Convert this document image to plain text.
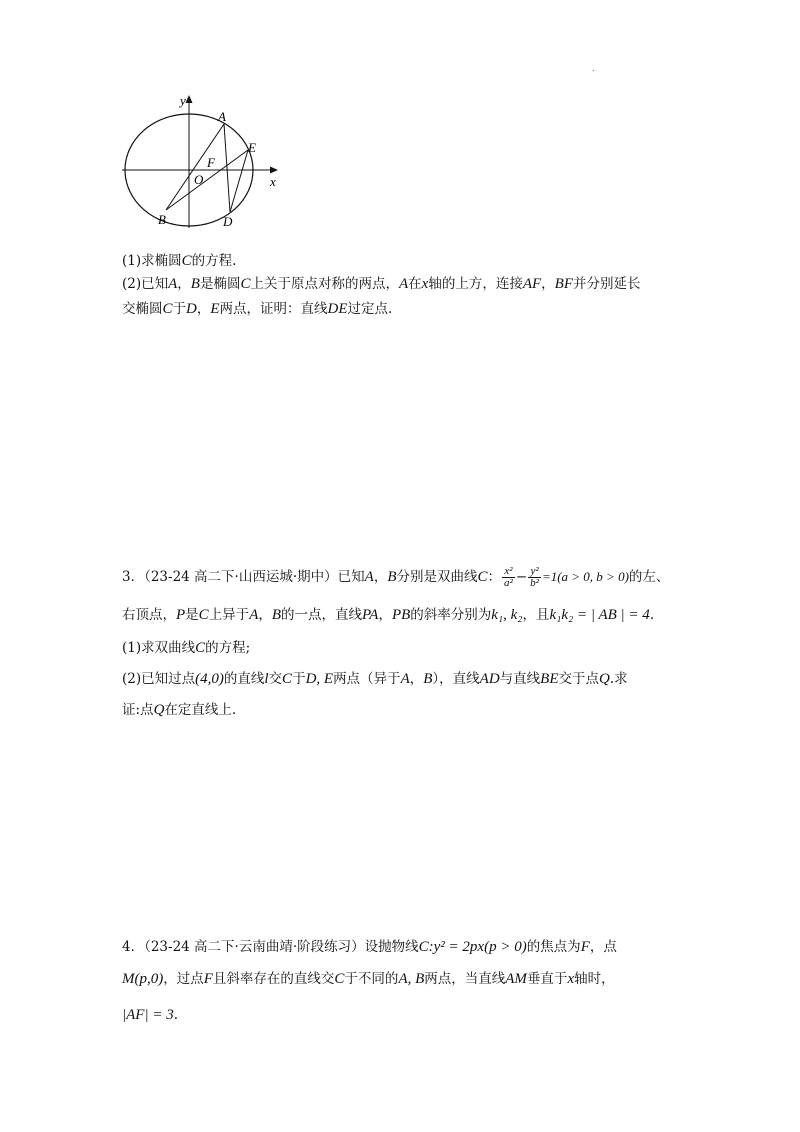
.
y
x
A
E
F
O
B	D
(1)求椭圆C的方程.
(2)已知A，B是椭圆C上关于原点对称的两点，A在x轴的上方，连接AF，BF并分别延长
交椭圆C于D，E两点，证明：直线DE过定点.
3．（23-24 高二下·山西运城·期中）已知A，B分别是双曲线C： $\frac{\text{x²}}{\text{a²}} - \frac{\text{y²}}{\text{b²}} =1(a > 0$, b > 0)的左、
右顶点，P是C上异于A，B的一点，直线PA，PB的斜率分别为k₁, k₂，且k₁k₂ = | AB | = 4.
(1)求双曲线C的方程;
(2)已知过点(4,0)的直线l交C于D, E两点（异于A，B），直线AD与直线BE交于点Q.求
证:点Q在定直线上.
4．（23-24 高二下·云南曲靖·阶段练习）设抛物线C:y² = 2px(p > 0)的焦点为F，点
M(p,0)，过点F且斜率存在的直线交C于不同的A, B两点，当直线AM垂直于x轴时，
|AF| = 3.
